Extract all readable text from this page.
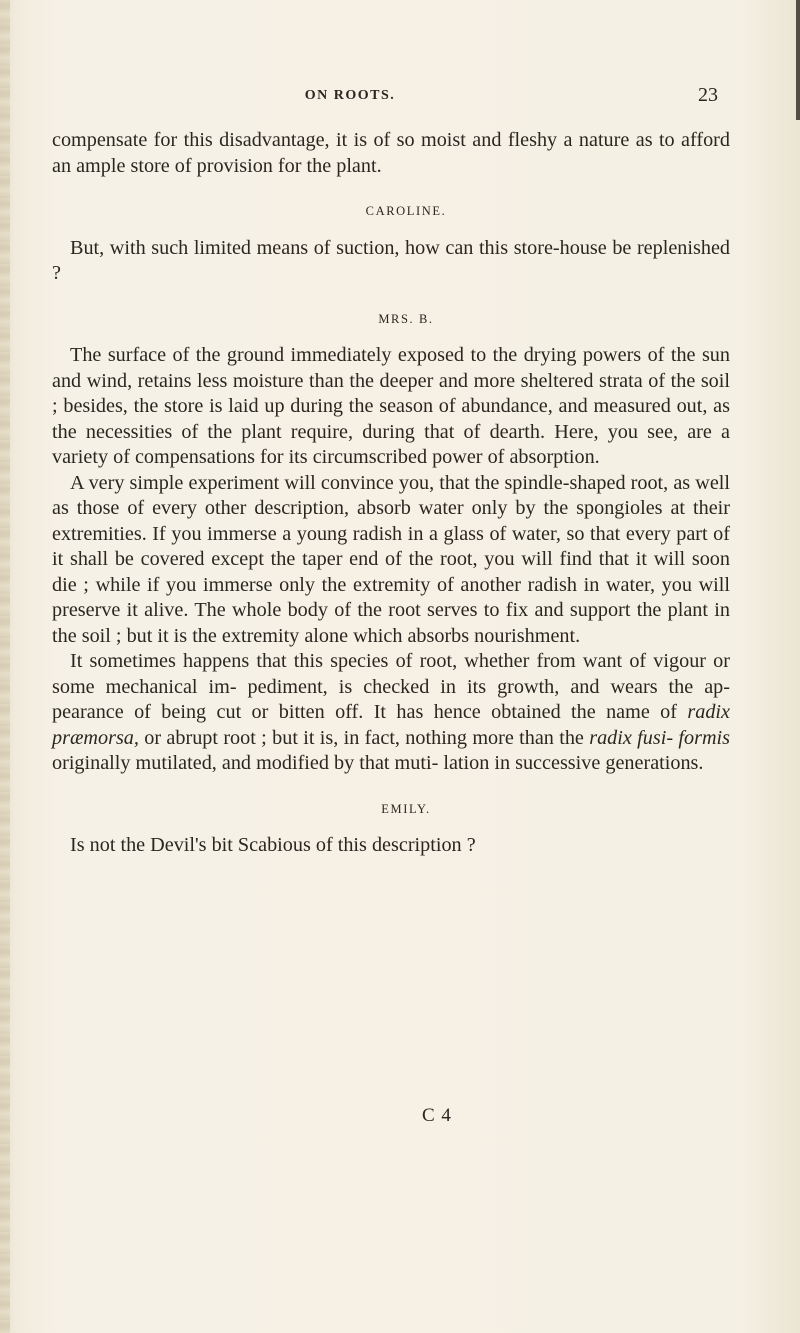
ON ROOTS.	23

compensate for this disadvantage, it is of so moist and fleshy a nature as to afford an ample store of provision for the plant.

CAROLINE.

But, with such limited means of suction, how can this store-house be replenished ?

MRS. B.

The surface of the ground immediately exposed to the drying powers of the sun and wind, retains less moisture than the deeper and more sheltered strata of the soil ; besides, the store is laid up during the season of abundance, and measured out, as the necessities of the plant require, during that of dearth. Here, you see, are a variety of compensations for its circumscribed power of absorption.

A very simple experiment will convince you, that the spindle-shaped root, as well as those of every other description, absorb water only by the spongioles at their extremities. If you immerse a young radish in a glass of water, so that every part of it shall be covered except the taper end of the root, you will find that it will soon die ; while if you immerse only the extremity of another radish in water, you will preserve it alive. The whole body of the root serves to fix and support the plant in the soil ; but it is the extremity alone which absorbs nourishment.

It sometimes happens that this species of root, whether from want of vigour or some mechanical im- pediment, is checked in its growth, and wears the ap- pearance of being cut or bitten off. It has hence obtained the name of radix præmorsa, or abrupt root ; but it is, in fact, nothing more than the radix fusi- formis originally mutilated, and modified by that muti- lation in successive generations.

EMILY.

Is not the Devil's bit Scabious of this description ?

C 4
